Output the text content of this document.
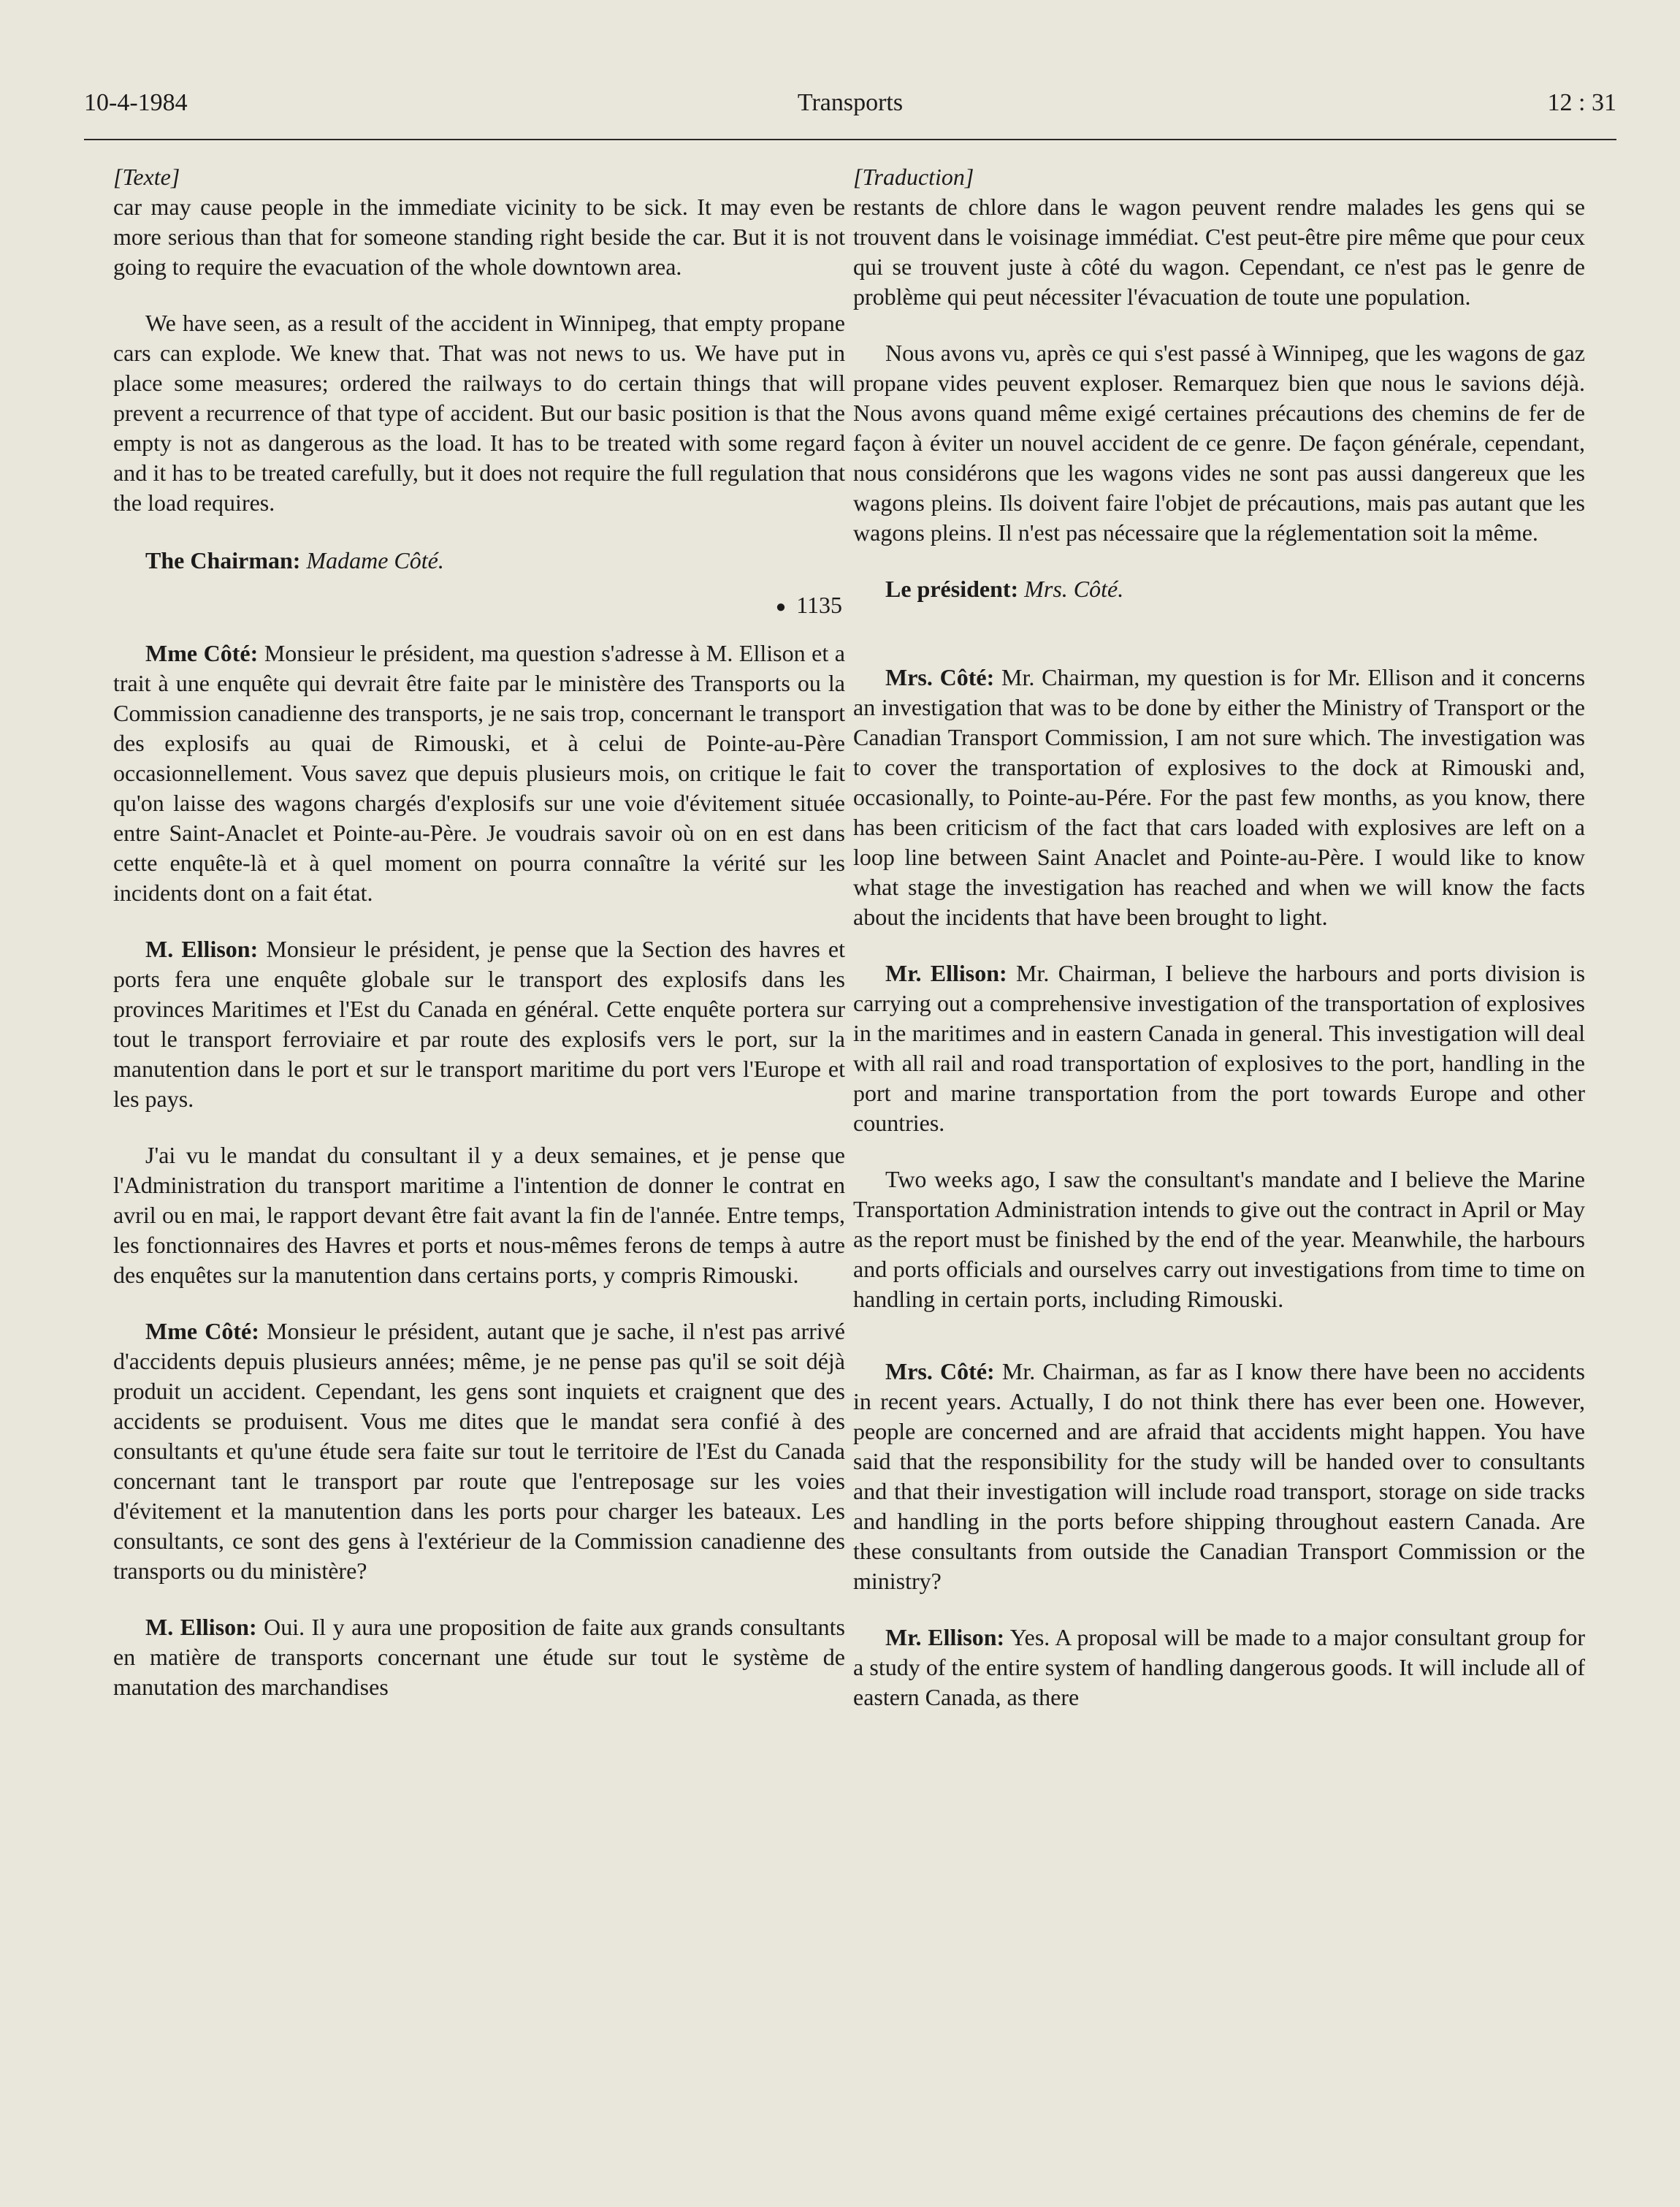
10-4-1984	Transports	12 : 31

[Texte]

car may cause people in the immediate vicinity to be sick. It may even be more serious than that for someone standing right beside the car. But it is not going to require the evacuation of the whole downtown area.

We have seen, as a result of the accident in Winnipeg, that empty propane cars can explode. We knew that. That was not news to us. We have put in place some measures; ordered the railways to do certain things that will prevent a recurrence of that type of accident. But our basic position is that the empty is not as dangerous as the load. It has to be treated with some regard and it has to be treated carefully, but it does not require the full regulation that the load requires.

The Chairman: Madame Côté.

● 1135

Mme Côté: Monsieur le président, ma question s'adresse à M. Ellison et a trait à une enquête qui devrait être faite par le ministère des Transports ou la Commission canadienne des transports, je ne sais trop, concernant le transport des explosifs au quai de Rimouski, et à celui de Pointe-au-Père occasionnellement. Vous savez que depuis plusieurs mois, on critique le fait qu'on laisse des wagons chargés d'explosifs sur une voie d'évitement située entre Saint-Anaclet et Pointe-au-Père. Je voudrais savoir où on en est dans cette enquête-là et à quel moment on pourra connaître la vérité sur les incidents dont on a fait état.

M. Ellison: Monsieur le président, je pense que la Section des havres et ports fera une enquête globale sur le transport des explosifs dans les provinces Maritimes et l'Est du Canada en général. Cette enquête portera sur tout le transport ferroviaire et par route des explosifs vers le port, sur la manutention dans le port et sur le transport maritime du port vers l'Europe et les pays.

J'ai vu le mandat du consultant il y a deux semaines, et je pense que l'Administration du transport maritime a l'intention de donner le contrat en avril ou en mai, le rapport devant être fait avant la fin de l'année. Entre temps, les fonctionnaires des Havres et ports et nous-mêmes ferons de temps à autre des enquêtes sur la manutention dans certains ports, y compris Rimouski.

Mme Côté: Monsieur le président, autant que je sache, il n'est pas arrivé d'accidents depuis plusieurs années; même, je ne pense pas qu'il se soit déjà produit un accident. Cependant, les gens sont inquiets et craignent que des accidents se produisent. Vous me dites que le mandat sera confié à des consultants et qu'une étude sera faite sur tout le territoire de l'Est du Canada concernant tant le transport par route que l'entreposage sur les voies d'évitement et la manutention dans les ports pour charger les bateaux. Les consultants, ce sont des gens à l'extérieur de la Commission canadienne des transports ou du ministère?

M. Ellison: Oui. Il y aura une proposition de faite aux grands consultants en matière de transports concernant une étude sur tout le système de manutation des marchandises

[Traduction]

restants de chlore dans le wagon peuvent rendre malades les gens qui se trouvent dans le voisinage immédiat. C'est peut-être pire même que pour ceux qui se trouvent juste à côté du wagon. Cependant, ce n'est pas le genre de problème qui peut nécessiter l'évacuation de toute une population.

Nous avons vu, après ce qui s'est passé à Winnipeg, que les wagons de gaz propane vides peuvent exploser. Remarquez bien que nous le savions déjà. Nous avons quand même exigé certaines précautions des chemins de fer de façon à éviter un nouvel accident de ce genre. De façon générale, cependant, nous considérons que les wagons vides ne sont pas aussi dangereux que les wagons pleins. Ils doivent faire l'objet de précautions, mais pas autant que les wagons pleins. Il n'est pas nécessaire que la réglementation soit la même.

Le président: Mrs. Côté.

Mrs. Côté: Mr. Chairman, my question is for Mr. Ellison and it concerns an investigation that was to be done by either the Ministry of Transport or the Canadian Transport Commission, I am not sure which. The investigation was to cover the transportation of explosives to the dock at Rimouski and, occasionally, to Pointe-au-Pére. For the past few months, as you know, there has been criticism of the fact that cars loaded with explosives are left on a loop line between Saint Anaclet and Pointe-au-Père. I would like to know what stage the investigation has reached and when we will know the facts about the incidents that have been brought to light.

Mr. Ellison: Mr. Chairman, I believe the harbours and ports division is carrying out a comprehensive investigation of the transportation of explosives in the maritimes and in eastern Canada in general. This investigation will deal with all rail and road transportation of explosives to the port, handling in the port and marine transportation from the port towards Europe and other countries.

Two weeks ago, I saw the consultant's mandate and I believe the Marine Transportation Administration intends to give out the contract in April or May as the report must be finished by the end of the year. Meanwhile, the harbours and ports officials and ourselves carry out investigations from time to time on handling in certain ports, including Rimouski.

Mrs. Côté: Mr. Chairman, as far as I know there have been no accidents in recent years. Actually, I do not think there has ever been one. However, people are concerned and are afraid that accidents might happen. You have said that the responsibility for the study will be handed over to consultants and that their investigation will include road transport, storage on side tracks and handling in the ports before shipping throughout eastern Canada. Are these consultants from outside the Canadian Transport Commission or the ministry?

Mr. Ellison: Yes. A proposal will be made to a major consultant group for a study of the entire system of handling dangerous goods. It will include all of eastern Canada, as there
